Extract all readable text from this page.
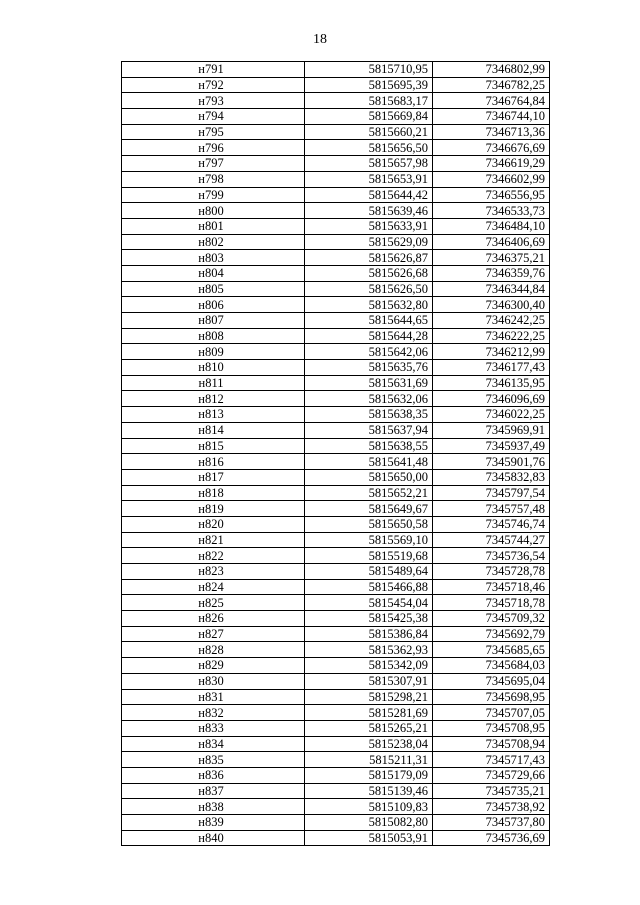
18
н791	5815710,95	7346802,99
н792	5815695,39	7346782,25
н793	5815683,17	7346764,84
н794	5815669,84	7346744,10
н795	5815660,21	7346713,36
н796	5815656,50	7346676,69
н797	5815657,98	7346619,29
н798	5815653,91	7346602,99
н799	5815644,42	7346556,95
н800	5815639,46	7346533,73
н801	5815633,91	7346484,10
н802	5815629,09	7346406,69
н803	5815626,87	7346375,21
н804	5815626,68	7346359,76
н805	5815626,50	7346344,84
н806	5815632,80	7346300,40
н807	5815644,65	7346242,25
н808	5815644,28	7346222,25
н809	5815642,06	7346212,99
н810	5815635,76	7346177,43
н811	5815631,69	7346135,95
н812	5815632,06	7346096,69
н813	5815638,35	7346022,25
н814	5815637,94	7345969,91
н815	5815638,55	7345937,49
н816	5815641,48	7345901,76
н817	5815650,00	7345832,83
н818	5815652,21	7345797,54
н819	5815649,67	7345757,48
н820	5815650,58	7345746,74
н821	5815569,10	7345744,27
н822	5815519,68	7345736,54
н823	5815489,64	7345728,78
н824	5815466,88	7345718,46
н825	5815454,04	7345718,78
н826	5815425,38	7345709,32
н827	5815386,84	7345692,79
н828	5815362,93	7345685,65
н829	5815342,09	7345684,03
н830	5815307,91	7345695,04
н831	5815298,21	7345698,95
н832	5815281,69	7345707,05
н833	5815265,21	7345708,95
н834	5815238,04	7345708,94
н835	5815211,31	7345717,43
н836	5815179,09	7345729,66
н837	5815139,46	7345735,21
н838	5815109,83	7345738,92
н839	5815082,80	7345737,80
н840	5815053,91	7345736,69
